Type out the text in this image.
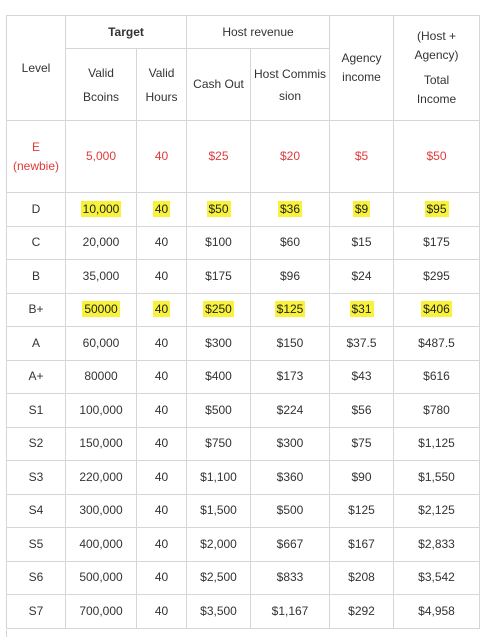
Level	Target		Host revenue		Agency income	(Host + Agency)
Total Income

	Valid Bcoins	Valid Hours	Cash Out	Host Commission		

E (newbie)	5,000	40	$25	$20	$5	$50
D	10,000	40	$50	$36	$9	$95
C	20,000	40	$100	$60	$15	$175
B	35,000	40	$175	$96	$24	$295
B+	50000	40	$250	$125	$31	$406
A	60,000	40	$300	$150	$37.5	$487.5
A+	80000	40	$400	$173	$43	$616
S1	100,000	40	$500	$224	$56	$780
S2	150,000	40	$750	$300	$75	$1,125
S3	220,000	40	$1,100	$360	$90	$1,550
S4	300,000	40	$1,500	$500	$125	$2,125
S5	400,000	40	$2,000	$667	$167	$2,833
S6	500,000	40	$2,500	$833	$208	$3,542
S7	700,000	40	$3,500	$1,167	$292	$4,958
